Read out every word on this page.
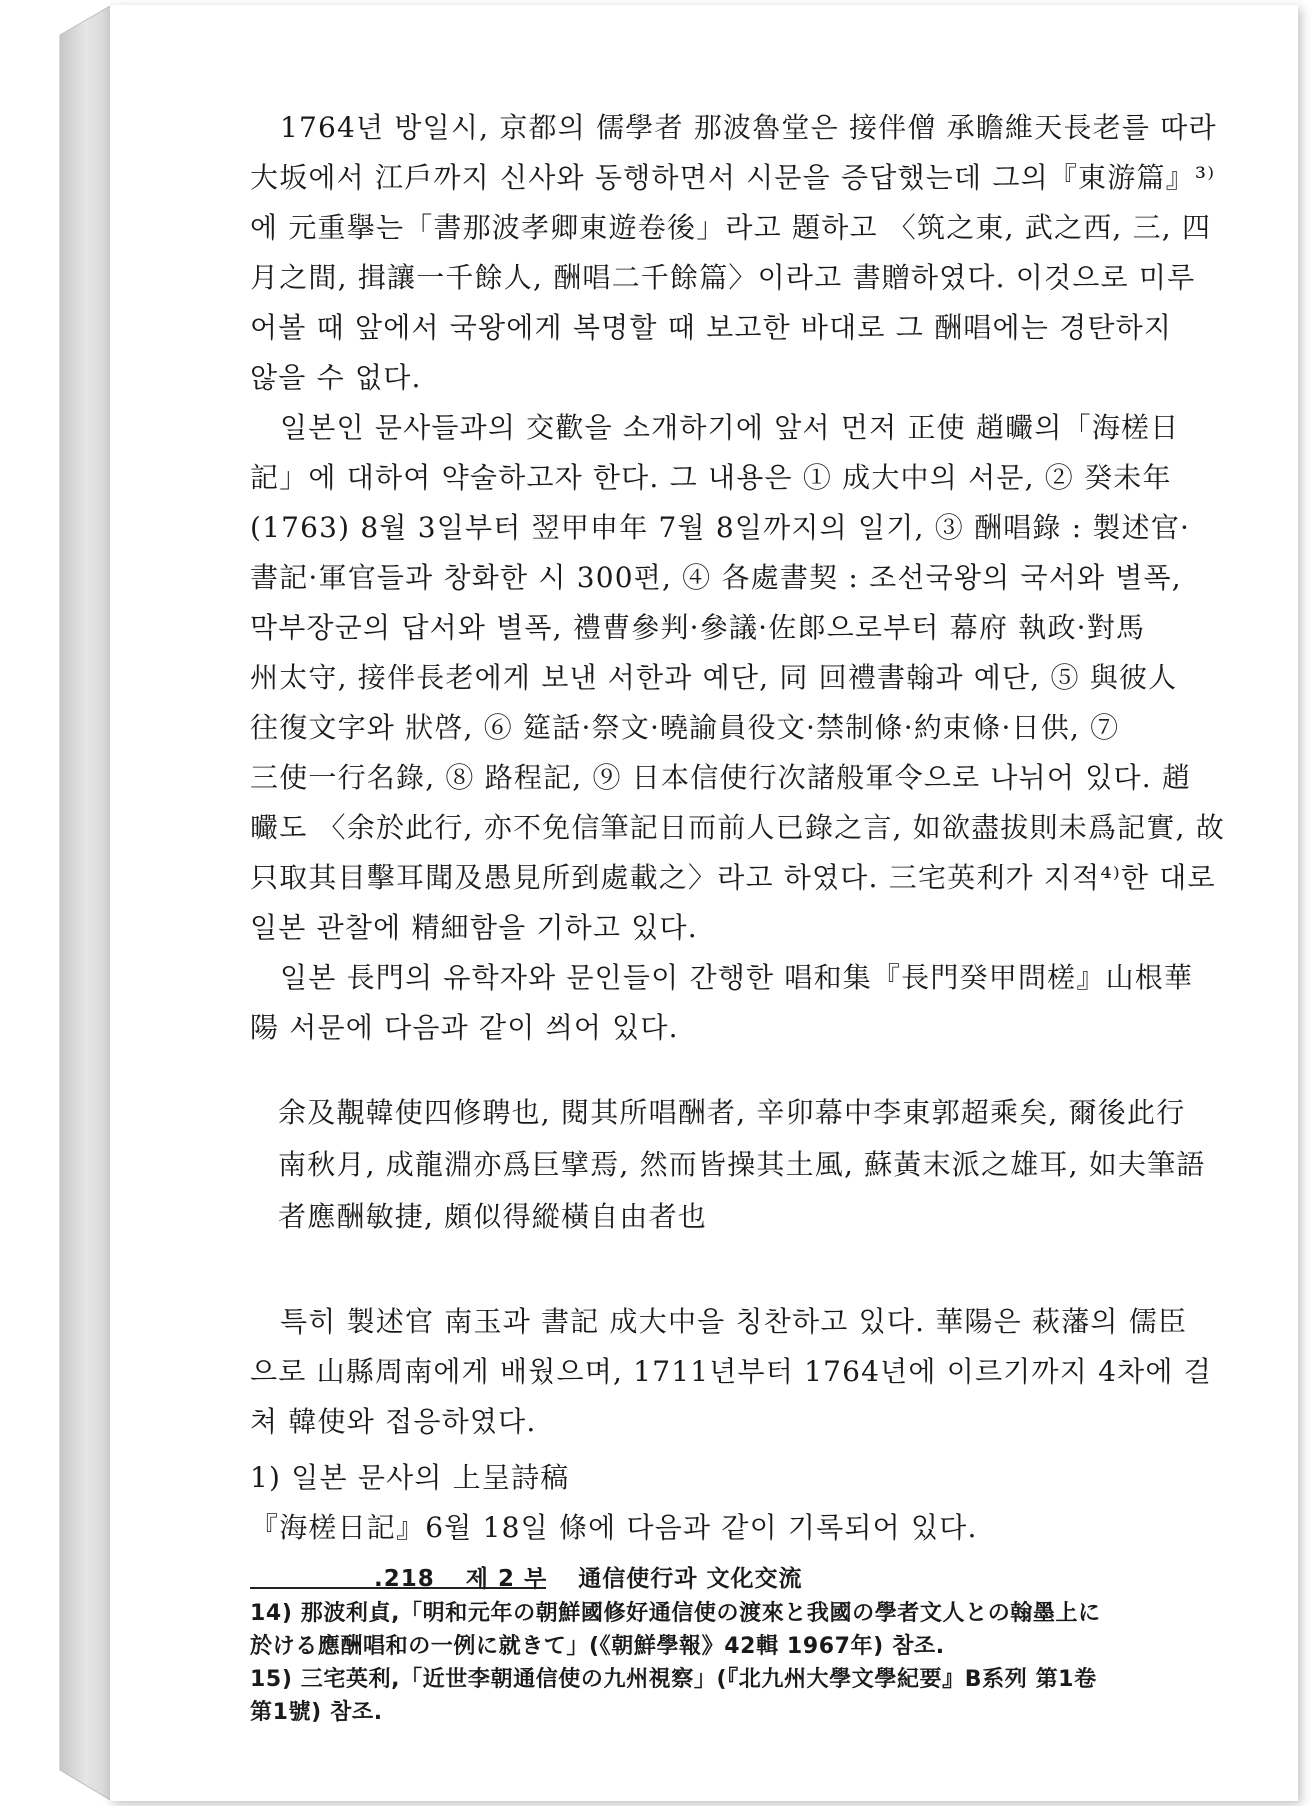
1764년 방일시, 京都의 儒學者 那波魯堂은 接伴僧 承瞻維天長老를 따라
大坂에서 江戶까지 신사와 동행하면서 시문을 증답했는데 그의『東游篇』³⁾
에 元重擧는「書那波孝卿東遊卷後」라고 題하고 〈筑之東, 武之西, 三, 四
月之間, 揖讓一千餘人, 酬唱二千餘篇〉이라고 書贈하였다. 이것으로 미루
어볼 때 앞에서 국왕에게 복명할 때 보고한 바대로 그 酬唱에는 경탄하지
않을 수 없다.

일본인 문사들과의 交歡을 소개하기에 앞서 먼저 正使 趙曮의「海槎日
記」에 대하여 약술하고자 한다. 그 내용은 ① 成大中의 서문, ② 癸未年
(1763) 8월 3일부터 翌甲申年 7월 8일까지의 일기, ③ 酬唱錄 : 製述官·
書記·軍官들과 창화한 시 300편, ④ 各處書契 : 조선국왕의 국서와 별폭,
막부장군의 답서와 별폭, 禮曹參判·參議·佐郞으로부터 幕府 執政·對馬
州太守, 接伴長老에게 보낸 서한과 예단, 同 回禮書翰과 예단, ⑤ 與彼人
往復文字와 狀啓, ⑥ 筵話·祭文·曉諭員役文·禁制條·約束條·日供, ⑦
三使一行名錄, ⑧ 路程記, ⑨ 日本信使行次諸般軍令으로 나뉘어 있다. 趙
曮도 〈余於此行, 亦不免信筆記日而前人已錄之言, 如欲盡拔則未爲記實, 故
只取其目擊耳聞及愚見所到處載之〉라고 하였다. 三宅英利가 지적⁴⁾한 대로
일본 관찰에 精細함을 기하고 있다.

일본 長門의 유학자와 문인들이 간행한 唱和集『長門癸甲問槎』山根華
陽 서문에 다음과 같이 씌어 있다.

余及覯韓使四修聘也, 閱其所唱酬者, 辛卯幕中李東郭超乘矣, 爾後此行
南秋月, 成龍淵亦爲巨擘焉, 然而皆操其土風, 蘇黃末派之雄耳, 如夫筆語
者應酬敏捷, 頗似得縱橫自由者也

특히 製述官 南玉과 書記 成大中을 칭찬하고 있다. 華陽은 萩藩의 儒臣
으로 山縣周南에게 배웠으며, 1711년부터 1764년에 이르기까지 4차에 걸
쳐 韓使와 접응하였다.

1) 일본 문사의 上呈詩稿

『海槎日記』6월 18일 條에 다음과 같이 기록되어 있다.

14) 那波利貞,「明和元年の朝鮮國修好通信使の渡來と我國の學者文人との翰墨上に
於ける應酬唱和の一例に就きて」(《朝鮮學報》42輯 1967年) 참조.

15) 三宅英利,「近世李朝通信使の九州視察」(『北九州大學文學紀要』B系列 第1卷
第1號) 참조.

.218 제 2 부 通信使行과 文化交流
